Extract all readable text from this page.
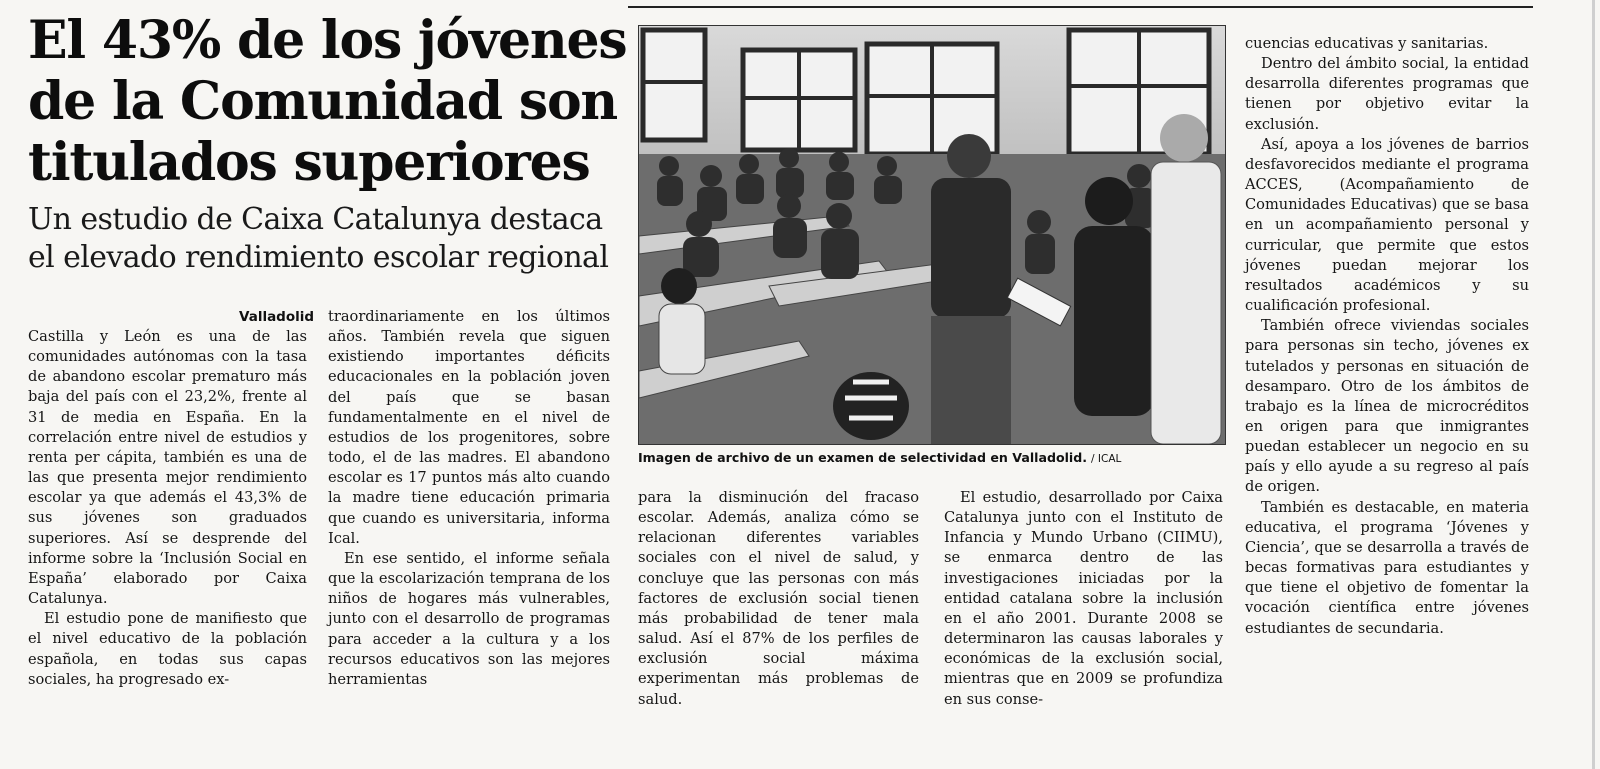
El 43% de los jóvenes de la Comunidad son titulados superiores
Un estudio de Caixa Catalunya destaca el elevado rendimiento escolar regional
Valladolid

Castilla y León es una de las comunidades autónomas con la tasa de abandono escolar prematuro más baja del país con el 23,2%, frente al 31 de media en España. En la correlación entre nivel de estudios y renta per cápita, también es una de las que presenta mejor rendimiento escolar ya que además el 43,3% de sus jóvenes son graduados superiores. Así se desprende del informe sobre la ‘Inclusión Social en España’ elaborado por Caixa Catalunya.

El estudio pone de manifiesto que el nivel educativo de la población española, en todas sus capas sociales, ha progresado ex-

traordinariamente en los últimos años. También revela que siguen existiendo importantes déficits educacionales en la población joven del país que se basan fundamentalmente en el nivel de estudios de los progenitores, sobre todo, el de las madres. El abandono escolar es 17 puntos más alto cuando la madre tiene educación primaria que cuando es universitaria, informa Ical.

En ese sentido, el informe señala que la escolarización temprana de los niños de hogares más vulnerables, junto con el desarrollo de programas para acceder a la cultura y a los recursos educativos son las mejores herramientas

Imagen de archivo de un examen de selectividad en Valladolid. / ICAL

para la disminución del fracaso escolar. Además, analiza cómo se relacionan diferentes variables sociales con el nivel de salud, y concluye que las personas con más factores de exclusión social tienen más probabilidad de tener mala salud. Así el 87% de los perfiles de exclusión social máxima experimentan más problemas de salud.

El estudio, desarrollado por Caixa Catalunya junto con el Instituto de Infancia y Mundo Urbano (CIIMU), se enmarca dentro de las investigaciones iniciadas por la entidad catalana sobre la inclusión en el año 2001. Durante 2008 se determinaron las causas laborales y económicas de la exclusión social, mientras que en 2009 se profundiza en sus conse-

cuencias educativas y sanitarias.

Dentro del ámbito social, la entidad desarrolla diferentes programas que tienen por objetivo evitar la exclusión.

Así, apoya a los jóvenes de barrios desfavorecidos mediante el programa ACCES, (Acompañamiento de Comunidades Educativas) que se basa en un acompañamiento personal y curricular, que permite que estos jóvenes puedan mejorar los resultados académicos y su cualificación profesional.

También ofrece viviendas sociales para personas sin techo, jóvenes ex tutelados y personas en situación de desamparo. Otro de los ámbitos de trabajo es la línea de microcréditos en origen para que inmigrantes puedan establecer un negocio en su país y ello ayude a su regreso al país de origen.

También es destacable, en materia educativa, el programa ‘Jóvenes y Ciencia’, que se desarrolla a través de becas formativas para estudiantes y que tiene el objetivo de fomentar la vocación científica entre jóvenes estudiantes de secundaria.
